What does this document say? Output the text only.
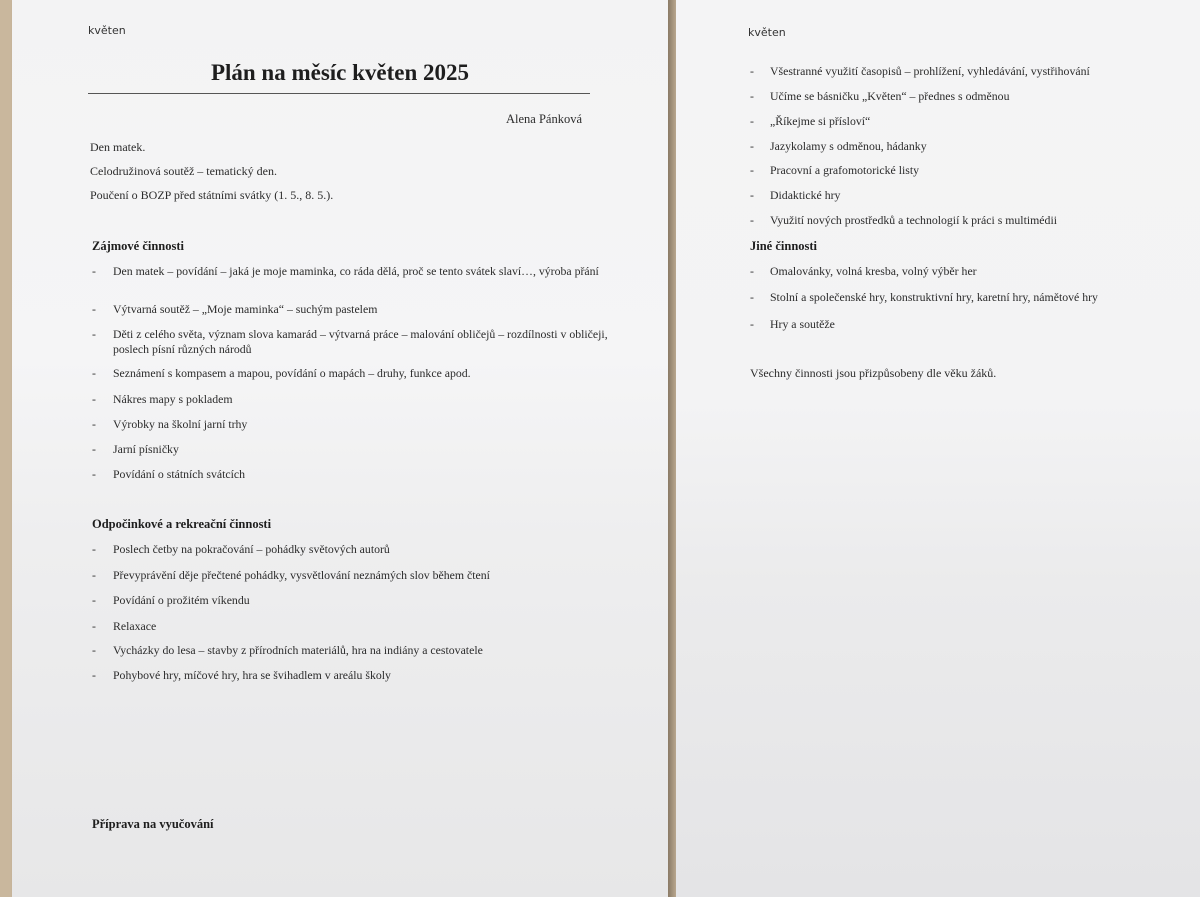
květen
Plán na měsíc květen 2025
Alena Pánková
Den matek.
Celodružinová soutěž – tematický den.
Poučení o BOZP před státními svátky (1. 5., 8. 5.).
Zájmové činnosti
- Den matek – povídání – jaká je moje maminka, co ráda dělá, proč se tento svátek slaví…, výroba přání
- Výtvarná soutěž – „Moje maminka“ – suchým pastelem
- Děti z celého světa, význam slova kamarád – výtvarná práce – malování obličejů – rozdílnosti v obličeji, poslech písní různých národů
- Seznámení s kompasem a mapou, povídání o mapách – druhy, funkce apod.
- Nákres mapy s pokladem
- Výrobky na školní jarní trhy
- Jarní písničky
- Povídání o státních svátcích
Odpočinkové a rekreační činnosti
- Poslech četby na pokračování – pohádky světových autorů
- Převyprávění děje přečtené pohádky, vysvětlování neznámých slov během čtení
- Povídání o prožitém víkendu
- Relaxace
- Vycházky do lesa – stavby z přírodních materiálů, hra na indiány a cestovatele
- Pohybové hry, míčové hry, hra se švihadlem v areálu školy
Příprava na vyučování
květen
- Všestranné využití časopisů – prohlížení, vyhledávání, vystřihování
- Učíme se básničku „Květen“ – přednes s odměnou
- „Říkejme si přísloví“
- Jazykolamy s odměnou, hádanky
- Pracovní a grafomotorické listy
- Didaktické hry
- Využití nových prostředků a technologií k práci s multimédii
Jiné činnosti
- Omalovánky, volná kresba, volný výběr her
- Stolní a společenské hry, konstruktivní hry, karetní hry, námětové hry
- Hry a soutěže
Všechny činnosti jsou přizpůsobeny dle věku žáků.
